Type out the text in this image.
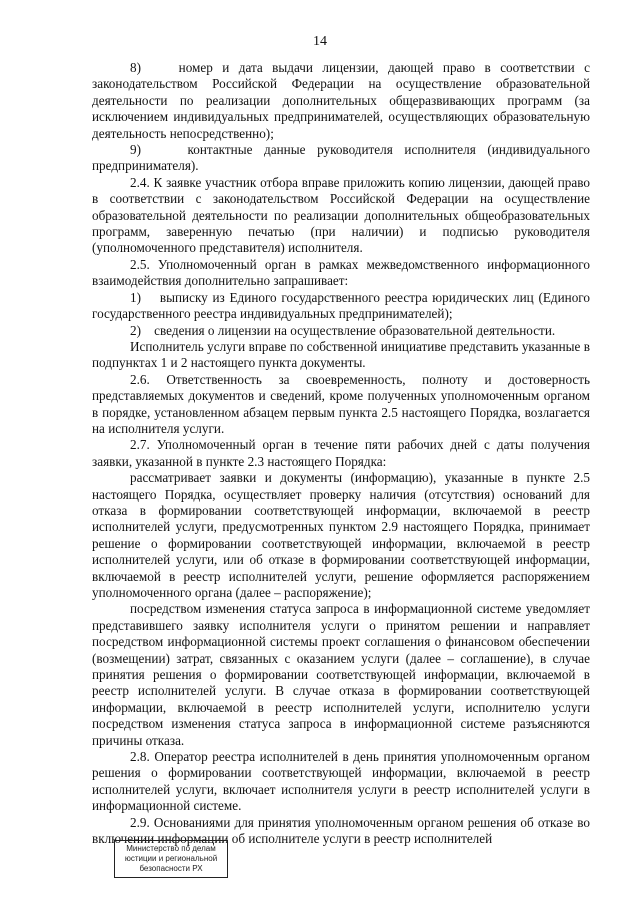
14

8)    номер и дата выдачи лицензии, дающей право в соответствии с законодательством Российской Федерации на осуществление образовательной деятельности по реализации дополнительных общеразвивающих программ (за исключением индивидуальных предпринимателей, осуществляющих образовательную деятельность непосредственно);

9)    контактные данные руководителя исполнителя (индивидуального предпринимателя).

2.4. К заявке участник отбора вправе приложить копию лицензии, дающей право в соответствии с законодательством Российской Федерации на осуществление образовательной деятельности по реализации дополнительных общеобразовательных программ, заверенную печатью (при наличии) и подписью руководителя (уполномоченного представителя) исполнителя.

2.5. Уполномоченный орган в рамках межведомственного информационного взаимодействия дополнительно запрашивает:

1)    выписку из Единого государственного реестра юридических лиц (Единого государственного реестра индивидуальных предпринимателей);

2)    сведения о лицензии на осуществление образовательной деятельности.

Исполнитель услуги вправе по собственной инициативе представить указанные в подпунктах 1 и 2 настоящего пункта документы.

2.6. Ответственность за своевременность, полноту и достоверность представляемых документов и сведений, кроме полученных уполномоченным органом в порядке, установленном абзацем первым пункта 2.5 настоящего Порядка, возлагается на исполнителя услуги.

2.7. Уполномоченный орган в течение пяти рабочих дней с даты получения заявки, указанной в пункте 2.3 настоящего Порядка:

рассматривает заявки и документы (информацию), указанные в пункте 2.5 настоящего Порядка, осуществляет проверку наличия (отсутствия) оснований для отказа в формировании соответствующей информации, включаемой в реестр исполнителей услуги, предусмотренных пунктом 2.9 настоящего Порядка, принимает решение о формировании соответствующей информации, включаемой в реестр исполнителей услуги, или об отказе в формировании соответствующей информации, включаемой в реестр исполнителей услуги, решение оформляется распоряжением уполномоченного органа (далее – распоряжение);

посредством изменения статуса запроса в информационной системе уведомляет представившего заявку исполнителя услуги о принятом решении и направляет посредством информационной системы проект соглашения о финансовом обеспечении (возмещении) затрат, связанных с оказанием услуги (далее – соглашение), в случае принятия решения о формировании соответствующей информации, включаемой в реестр исполнителей услуги. В случае отказа в формировании соответствующей информации, включаемой в реестр исполнителей услуги, исполнителю услуги посредством изменения статуса запроса в информационной системе разъясняются причины отказа.

2.8. Оператор реестра исполнителей в день принятия уполномоченным органом решения о формировании соответствующей информации, включаемой в реестр исполнителей услуги, включает исполнителя услуги в реестр исполнителей услуги в информационной системе.

2.9. Основаниями для принятия уполномоченным органом решения об отказе во включении информации об исполнителе услуги в реестр исполнителей

Министерство по делам
юстиции и региональной
безопасности РХ
